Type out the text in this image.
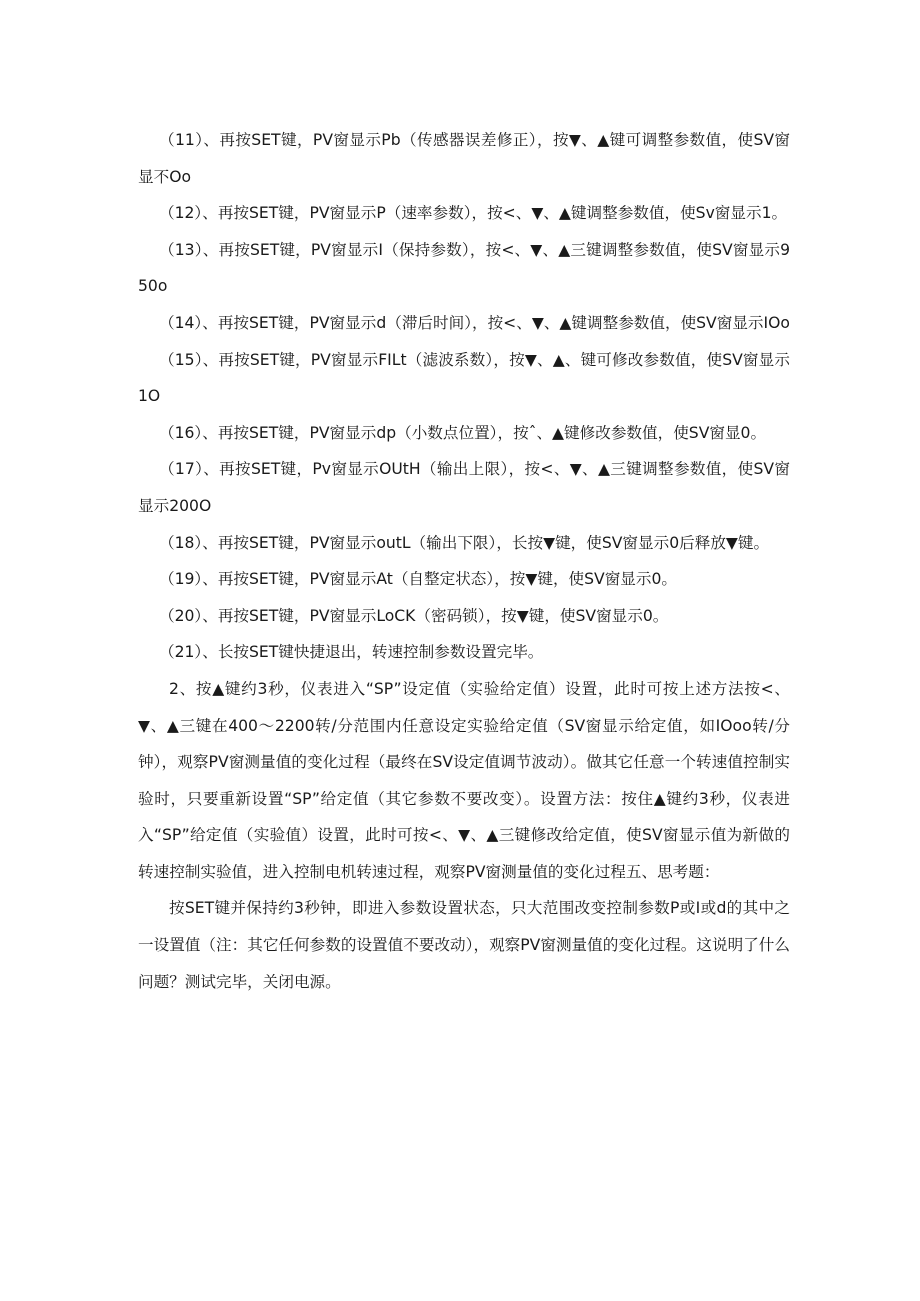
（11）、再按SET键，PV窗显示Pb（传感器误差修正），按▼、▲键可调整参数值，使SV窗显不Oo

（12）、再按SET键，PV窗显示P（速率参数），按<、▼、▲键调整参数值，使Sv窗显示1。

（13）、再按SET键，PV窗显示I（保持参数），按<、▼、▲三键调整参数值，使SV窗显示950o

（14）、再按SET键，PV窗显示d（滞后时间），按<、▼、▲键调整参数值，使SV窗显示IOo

（15）、再按SET键，PV窗显示FILt（滤波系数），按▼、▲、键可修改参数值，使SV窗显示1O

（16）、再按SET键，PV窗显示dp（小数点位置），按ˆ、▲键修改参数值，使SV窗显0。

（17）、再按SET键，Pv窗显示OUtH（输出上限），按<、▼、▲三键调整参数值，使SV窗显示200O

（18）、再按SET键，PV窗显示outL（输出下限），长按▼键，使SV窗显示0后释放▼键。

（19）、再按SET键，PV窗显示At（自整定状态），按▼键，使SV窗显示0。

（20）、再按SET键，PV窗显示LoCK（密码锁），按▼键，使SV窗显示0。

（21）、长按SET键快捷退出，转速控制参数设置完毕。

2、按▲键约3秒，仪表进入“SP”设定值（实验给定值）设置，此时可按上述方法按<、▼、▲三键在400～2200转/分范围内任意设定实验给定值（SV窗显示给定值，如IOoo转/分钟），观察PV窗测量值的变化过程（最终在SV设定值调节波动）。做其它任意一个转速值控制实验时，只要重新设置“SP”给定值（其它参数不要改变）。设置方法：按住▲键约3秒，仪表进入“SP”给定值（实验值）设置，此时可按<、▼、▲三键修改给定值，使SV窗显示值为新做的转速控制实验值，进入控制电机转速过程，观察PV窗测量值的变化过程五、思考题：

按SET键并保持约3秒钟，即进入参数设置状态，只大范围改变控制参数P或I或d的其中之一设置值（注：其它任何参数的设置值不要改动），观察PV窗测量值的变化过程。这说明了什么问题？测试完毕，关闭电源。
